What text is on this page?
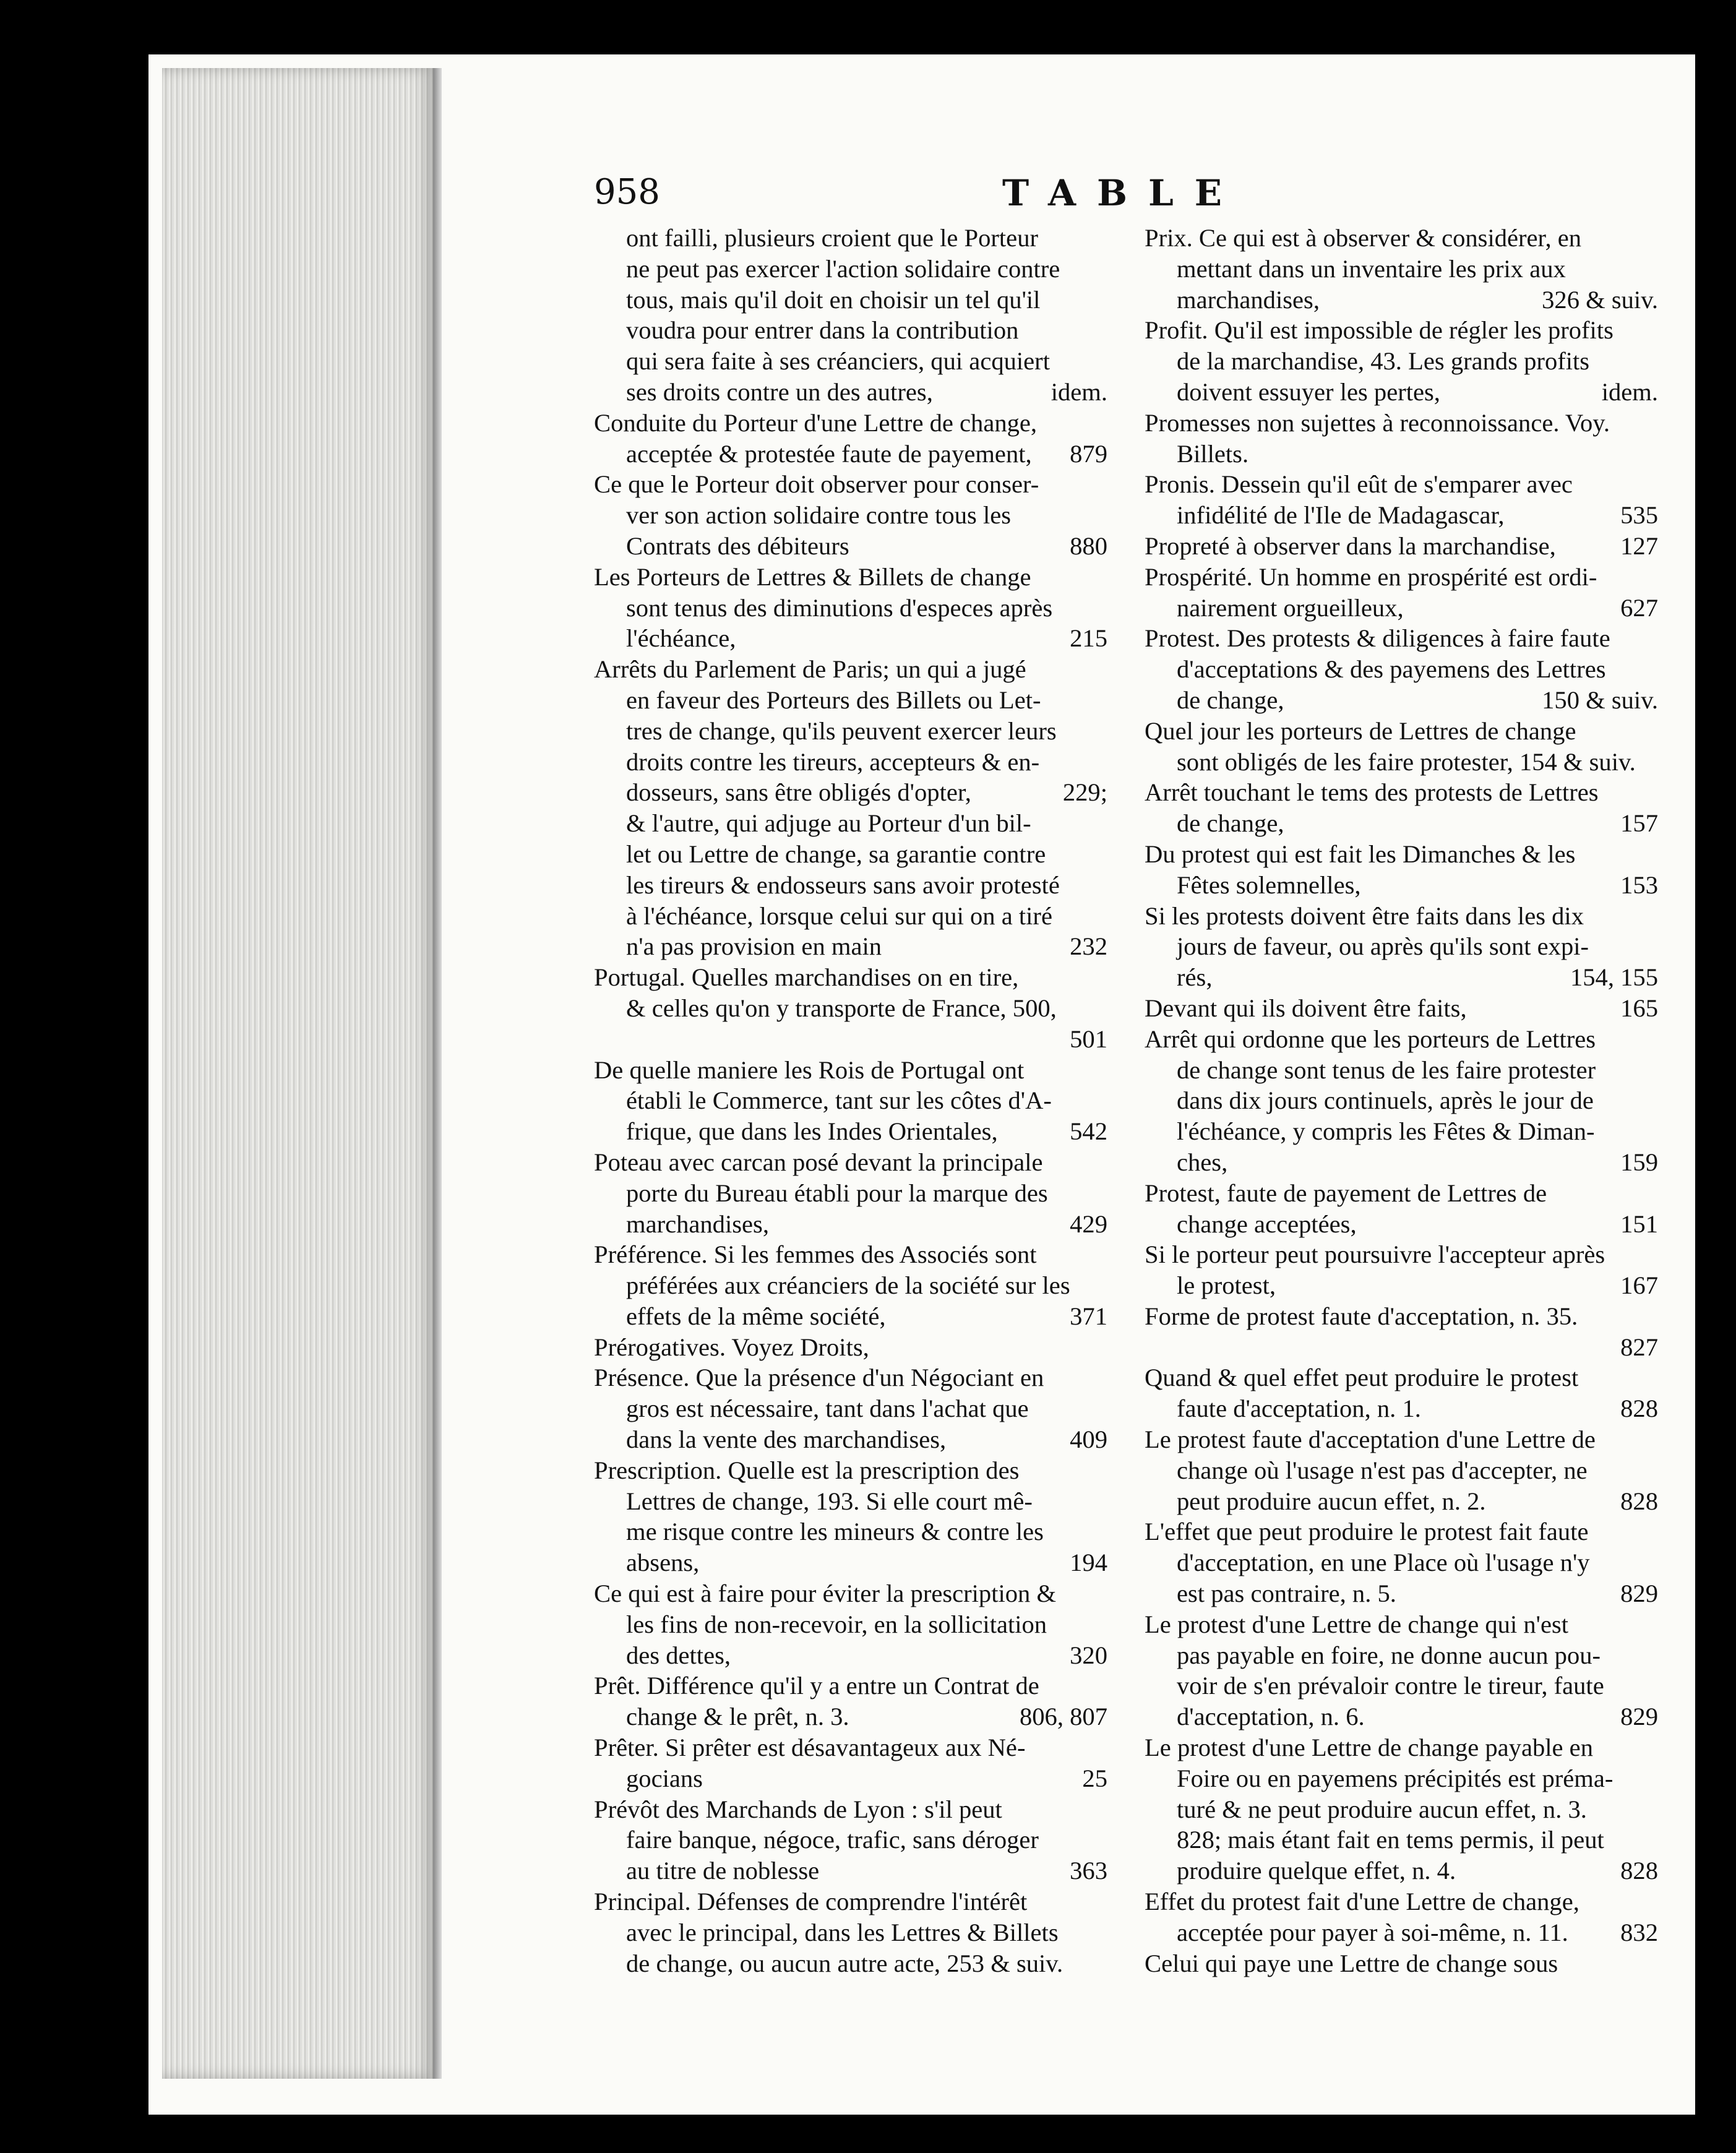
958	TABLE
ont failli, plusieurs croient que le Porteur
ne peut pas exercer l'action solidaire contre
tous, mais qu'il doit en choisir un tel qu'il
voudra pour entrer dans la contribution
qui sera faite à ses créanciers, qui acquiert
idem.
ses droits contre un des autres,
Conduite du Porteur d'une Lettre de change,
879
acceptée & protestée faute de payement,
Ce que le Porteur doit observer pour conser-
ver son action solidaire contre tous les
880
Contrats des débiteurs
Les Porteurs de Lettres & Billets de change
sont tenus des diminutions d'especes après
215
l'échéance,
Arrêts du Parlement de Paris; un qui a jugé
en faveur des Porteurs des Billets ou Let-
tres de change, qu'ils peuvent exercer leurs
droits contre les tireurs, accepteurs & en-
229;
dosseurs, sans être obligés d'opter,
& l'autre, qui adjuge au Porteur d'un bil-
let ou Lettre de change, sa garantie contre
les tireurs & endosseurs sans avoir protesté
à l'échéance, lorsque celui sur qui on a tiré
232
n'a pas provision en main
Portugal. Quelles marchandises on en tire,
& celles qu'on y transporte de France, 500,
501
De quelle maniere les Rois de Portugal ont
établi le Commerce, tant sur les côtes d'A-
542
frique, que dans les Indes Orientales,
Poteau avec carcan posé devant la principale
porte du Bureau établi pour la marque des
429
marchandises,
Préférence. Si les femmes des Associés sont
préférées aux créanciers de la société sur les
371
effets de la même société,
Prérogatives. Voyez Droits,
Présence. Que la présence d'un Négociant en
gros est nécessaire, tant dans l'achat que
409
dans la vente des marchandises,
Prescription. Quelle est la prescription des
Lettres de change, 193. Si elle court mê-
me risque contre les mineurs & contre les
194
absens,
Ce qui est à faire pour éviter la prescription &
les fins de non-recevoir, en la sollicitation
320
des dettes,
Prêt. Différence qu'il y a entre un Contrat de
806, 807
change & le prêt, n. 3.
Prêter. Si prêter est désavantageux aux Né-
25
gocians
Prévôt des Marchands de Lyon : s'il peut
faire banque, négoce, trafic, sans déroger
363
au titre de noblesse
Principal. Défenses de comprendre l'intérêt
avec le principal, dans les Lettres & Billets
de change, ou aucun autre acte, 253 & suiv.
Prix. Ce qui est à observer & considérer, en
mettant dans un inventaire les prix aux
326 & suiv.
marchandises,
Profit. Qu'il est impossible de régler les profits
de la marchandise, 43. Les grands profits
idem.
doivent essuyer les pertes,
Promesses non sujettes à reconnoissance. Voy.
Billets.
Pronis. Dessein qu'il eût de s'emparer avec
535
infidélité de l'Ile de Madagascar,
127
Propreté à observer dans la marchandise,
Prospérité. Un homme en prospérité est ordi-
627
nairement orgueilleux,
Protest. Des protests & diligences à faire faute
d'acceptations & des payemens des Lettres
150 & suiv.
de change,
Quel jour les porteurs de Lettres de change
sont obligés de les faire protester, 154 & suiv.
Arrêt touchant le tems des protests de Lettres
157
de change,
Du protest qui est fait les Dimanches & les
153
Fêtes solemnelles,
Si les protests doivent être faits dans les dix
jours de faveur, ou après qu'ils sont expi-
154, 155
rés,
165
Devant qui ils doivent être faits,
Arrêt qui ordonne que les porteurs de Lettres
de change sont tenus de les faire protester
dans dix jours continuels, après le jour de
l'échéance, y compris les Fêtes & Diman-
159
ches,
Protest, faute de payement de Lettres de
151
change acceptées,
Si le porteur peut poursuivre l'accepteur après
167
le protest,
Forme de protest faute d'acceptation, n. 35.
827
Quand & quel effet peut produire le protest
828
faute d'acceptation, n. 1.
Le protest faute d'acceptation d'une Lettre de
change où l'usage n'est pas d'accepter, ne
828
peut produire aucun effet, n. 2.
L'effet que peut produire le protest fait faute
d'acceptation, en une Place où l'usage n'y
829
est pas contraire, n. 5.
Le protest d'une Lettre de change qui n'est
pas payable en foire, ne donne aucun pou-
voir de s'en prévaloir contre le tireur, faute
829
d'acceptation, n. 6.
Le protest d'une Lettre de change payable en
Foire ou en payemens précipités est préma-
turé & ne peut produire aucun effet, n. 3.
828; mais étant fait en tems permis, il peut
828
produire quelque effet, n. 4.
Effet du protest fait d'une Lettre de change,
832
acceptée pour payer à soi-même, n. 11.
Celui qui paye une Lettre de change sous
